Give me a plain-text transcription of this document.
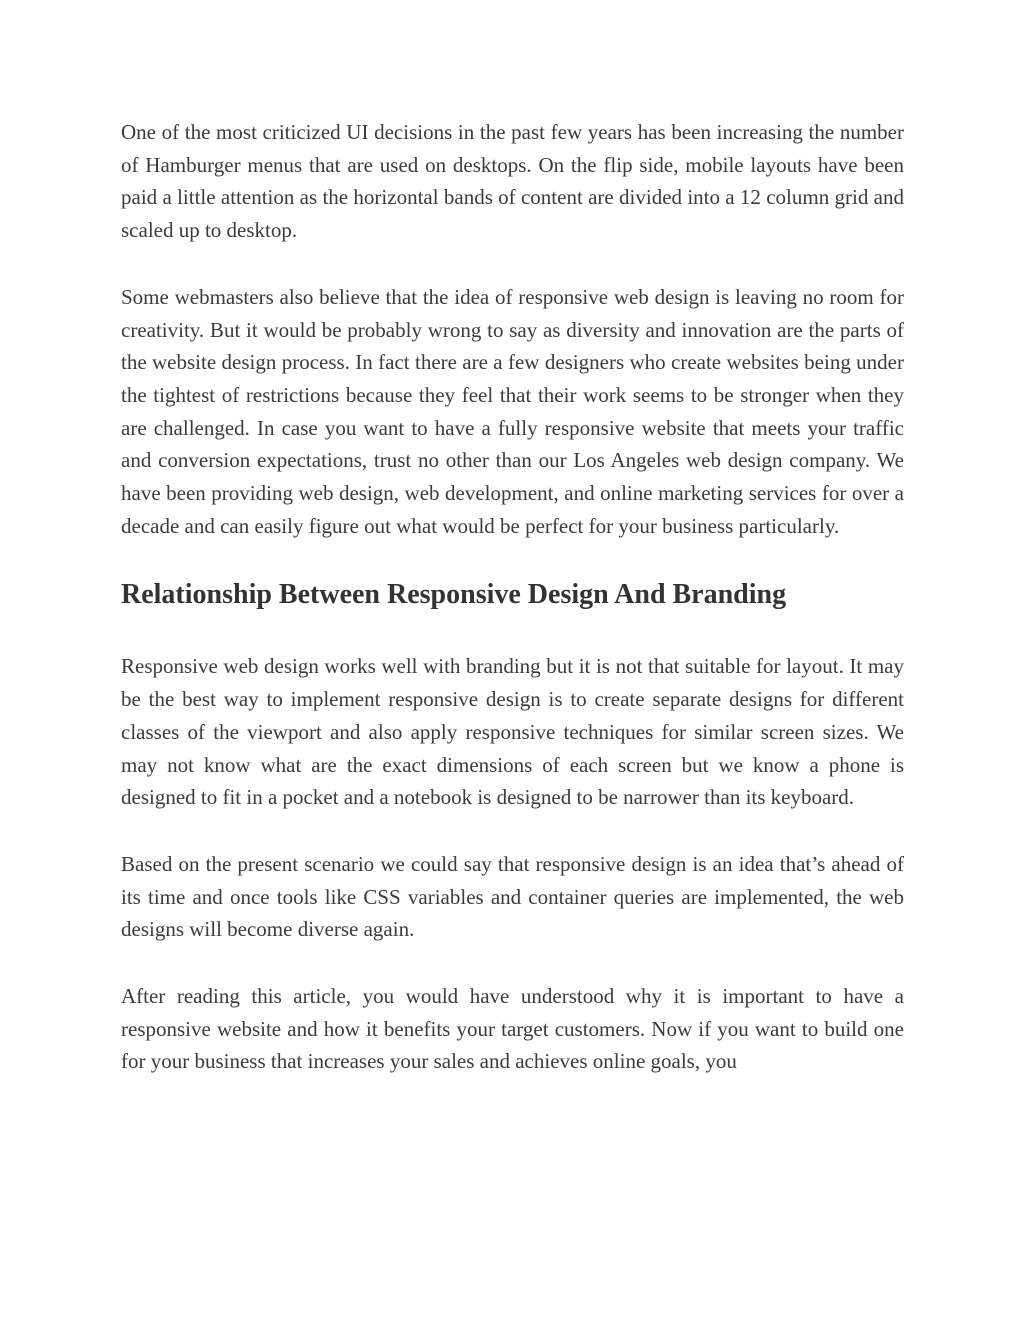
One of the most criticized UI decisions in the past few years has been increasing the number of Hamburger menus that are used on desktops. On the flip side, mobile layouts have been paid a little attention as the horizontal bands of content are divided into a 12 column grid and scaled up to desktop.

Some webmasters also believe that the idea of responsive web design is leaving no room for creativity. But it would be probably wrong to say as diversity and innovation are the parts of the website design process. In fact there are a few designers who create websites being under the tightest of restrictions because they feel that their work seems to be stronger when they are challenged. In case you want to have a fully responsive website that meets your traffic and conversion expectations, trust no other than our Los Angeles web design company. We have been providing web design, web development, and online marketing services for over a decade and can easily figure out what would be perfect for your business particularly.

Relationship Between Responsive Design And Branding

Responsive web design works well with branding but it is not that suitable for layout. It may be the best way to implement responsive design is to create separate designs for different classes of the viewport and also apply responsive techniques for similar screen sizes. We may not know what are the exact dimensions of each screen but we know a phone is designed to fit in a pocket and a notebook is designed to be narrower than its keyboard.

Based on the present scenario we could say that responsive design is an idea that’s ahead of its time and once tools like CSS variables and container queries are implemented, the web designs will become diverse again.

After reading this article, you would have understood why it is important to have a responsive website and how it benefits your target customers. Now if you want to build one for your business that increases your sales and achieves online goals, you
